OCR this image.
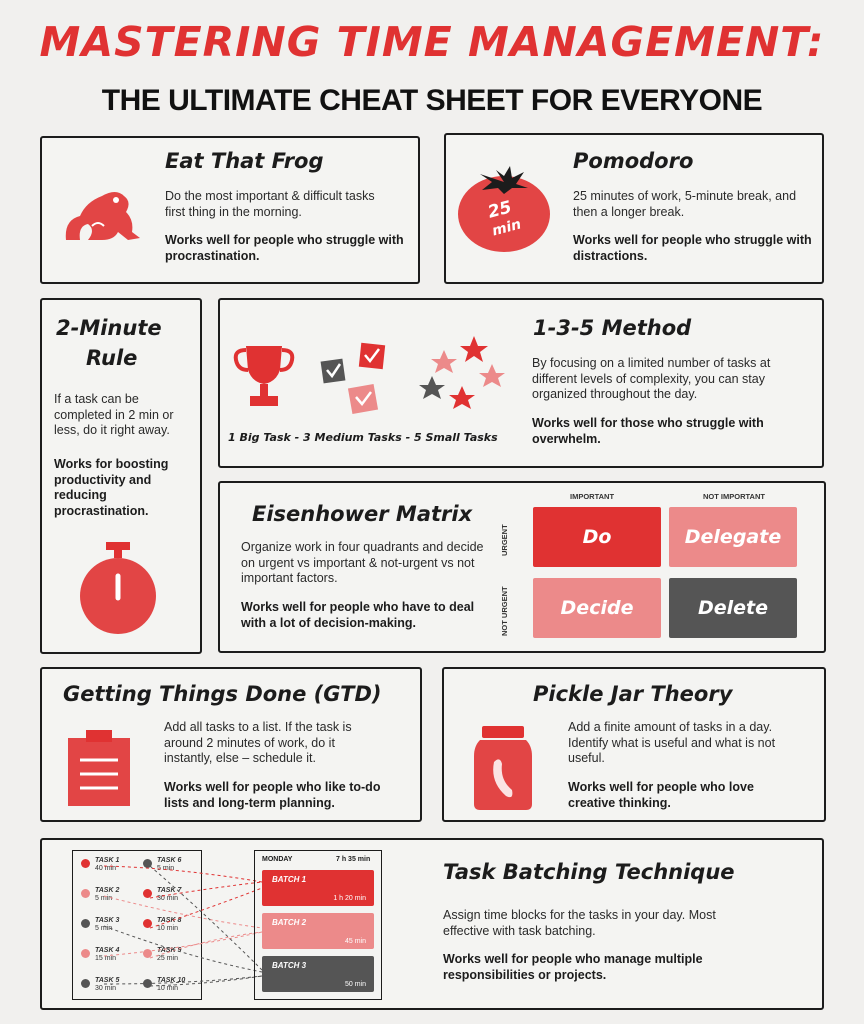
MASTERING TIME MANAGEMENT:
THE ULTIMATE CHEAT SHEET FOR EVERYONE
Eat That Frog
Do the most important & difficult tasks first thing in the morning.
Works well for people who struggle with procrastination.
25
min
Pomodoro
25 minutes of work, 5-minute break, and then a longer break.
Works well for people who struggle with distractions.
2-Minute
Rule
If a task can be completed in 2 min or less, do it right away.
Works for boosting productivity and reducing procrastination.
1 Big Task - 3 Medium Tasks - 5 Small Tasks
1-3-5 Method
By focusing on a limited number of tasks at different levels of complexity, you can stay organized throughout the day.
Works well for those who struggle with overwhelm.
Eisenhower Matrix
Organize work in four quadrants and decide on urgent vs important & not-urgent vs not important factors.
Works well for people who have to deal with a lot of decision-making.
IMPORTANT	NOT IMPORTANT
URGENT
NOT URGENT
Do	Delegate
Decide	Delete
Getting Things Done (GTD)
Add all tasks to a list. If the task is around 2 minutes of work, do it instantly, else – schedule it.
Works well for people who like to-do lists and long-term planning.
Pickle Jar Theory
Add a finite amount of tasks in a day. Identify what is useful and what is not useful.
Works well for people who love creative thinking.
TASK 1
40 min
TASK 2
5 min
TASK 3
5 min
TASK 4
15 min
TASK 5
30 min
TASK 6
5 min
TASK 7
30 min
TASK 8
10 min
TASK 9
25 min
TASK 10
10 min
MONDAY	7 h 35 min
BATCH 1
1 h 20 min
BATCH 2
45 min
BATCH 3
50 min
Task Batching Technique
Assign time blocks for the tasks in your day. Most effective with task batching.
Works well for people who manage multiple responsibilities or projects.
